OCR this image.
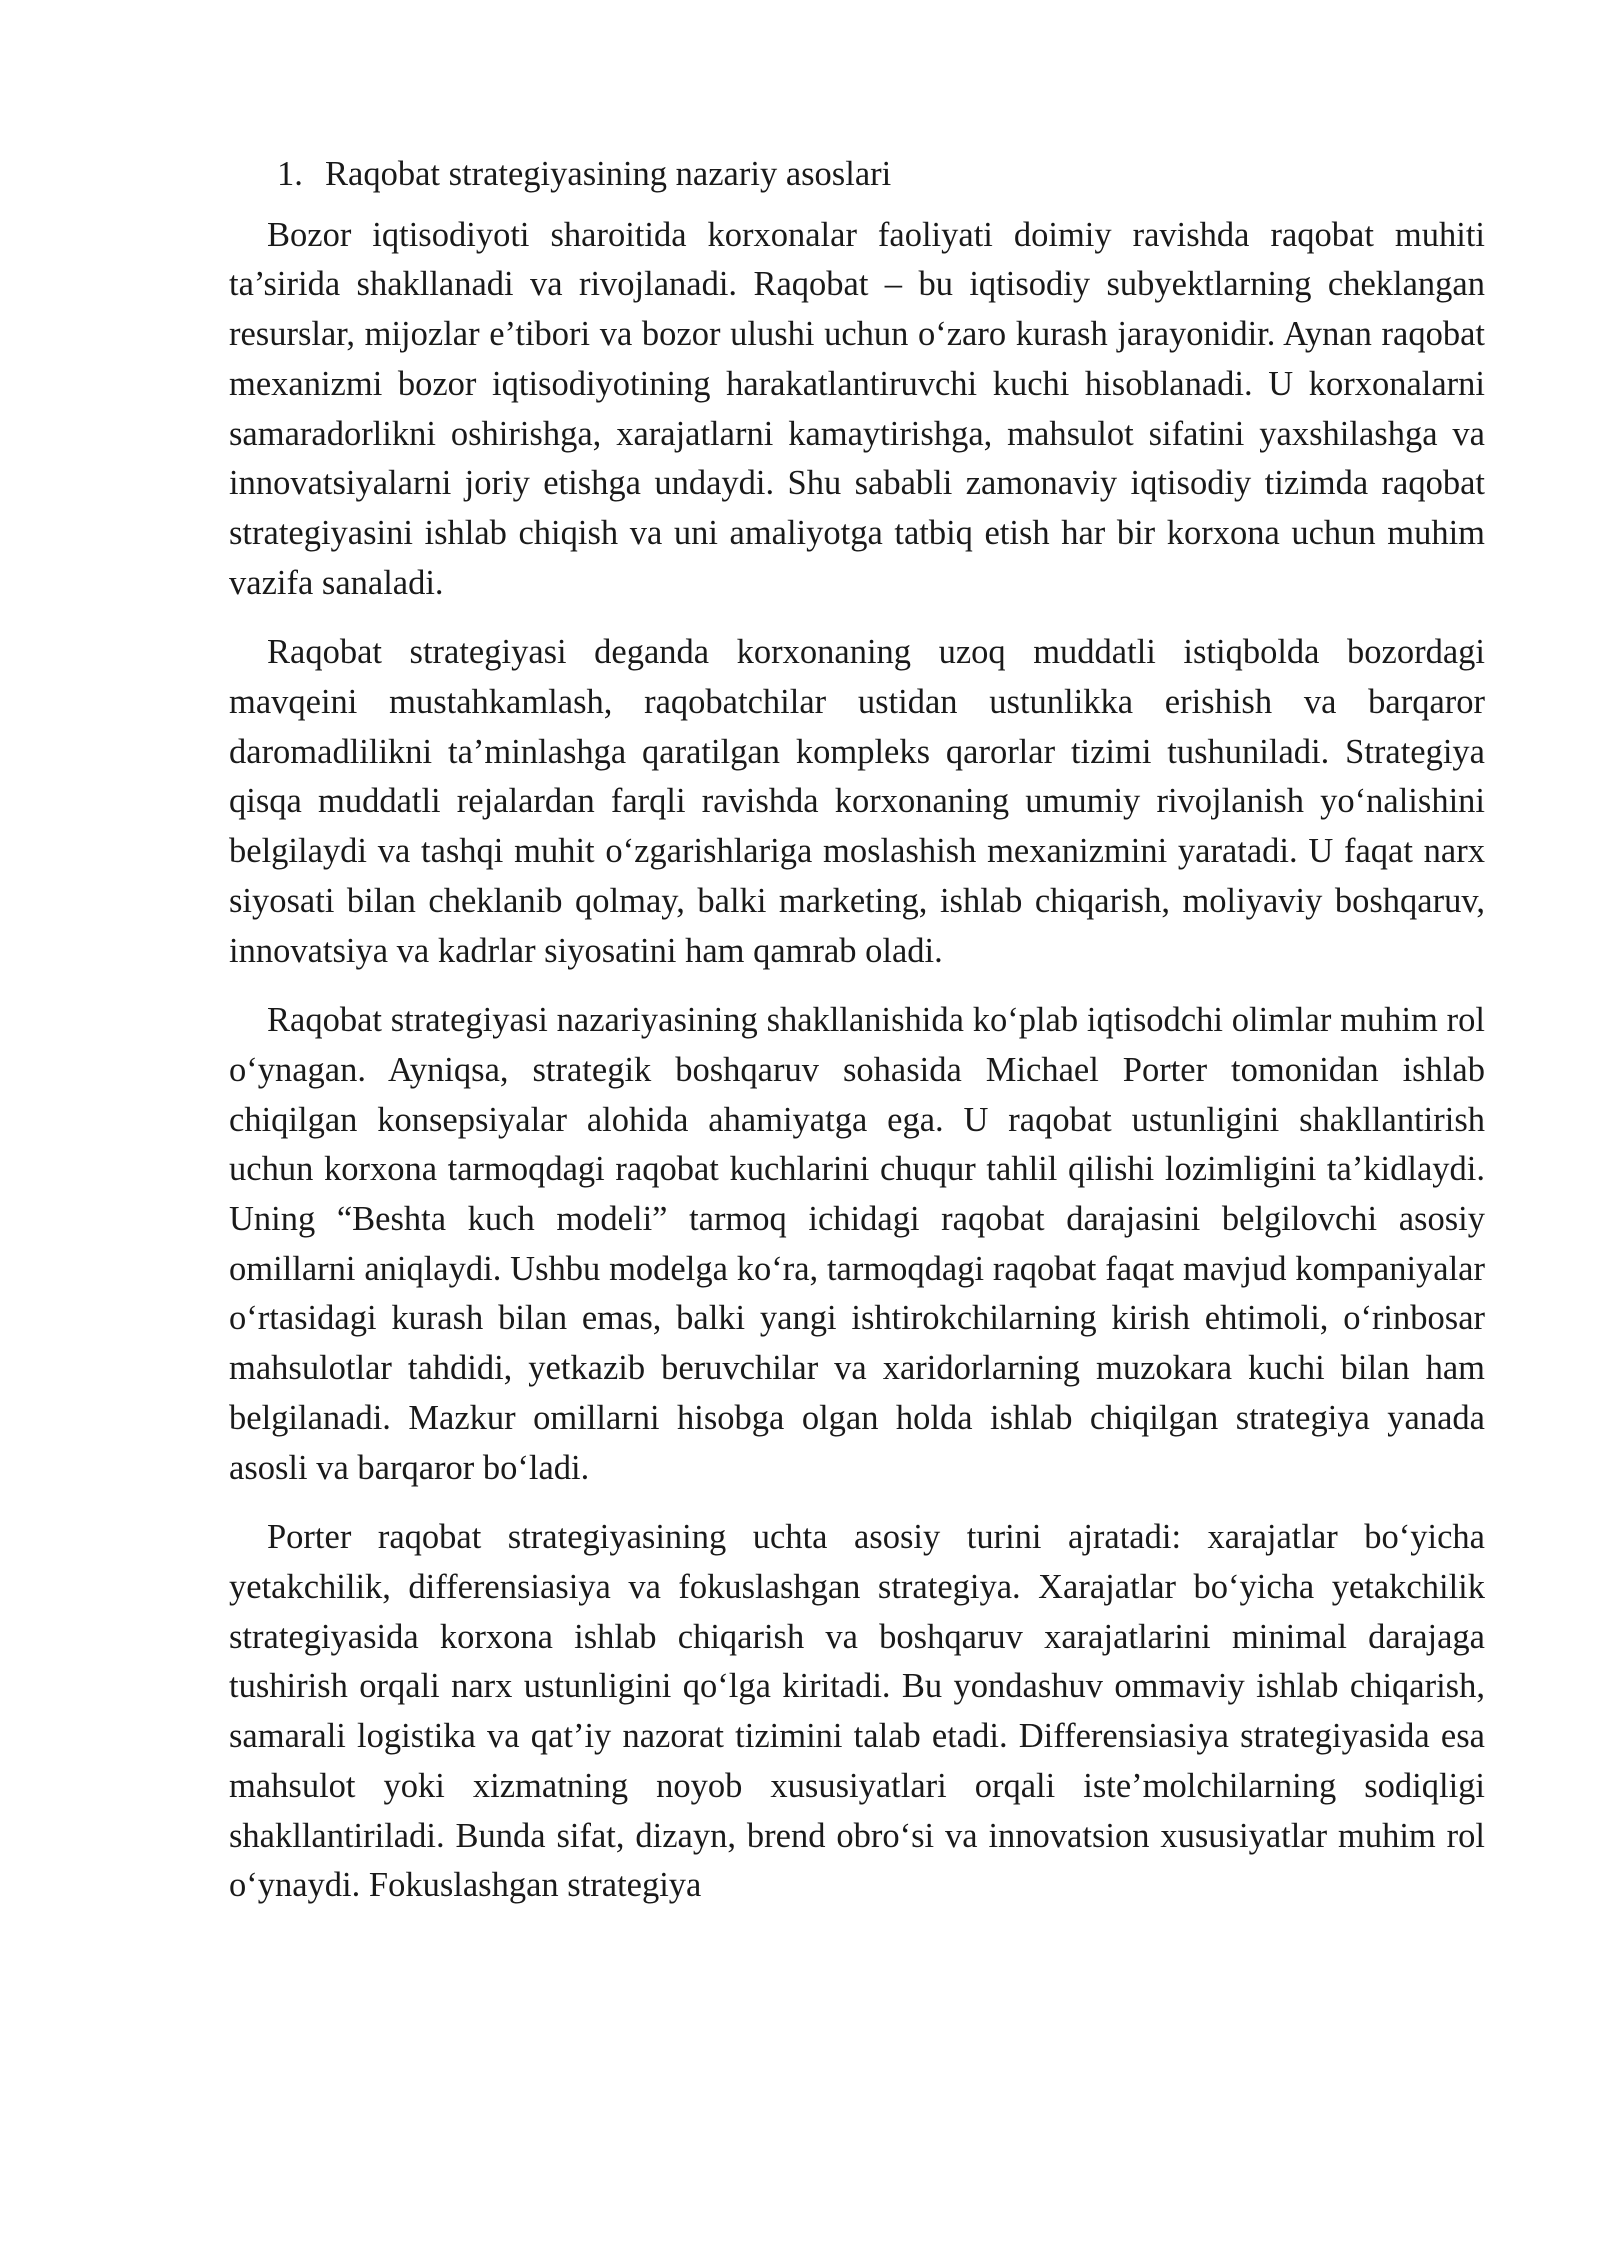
1. Raqobat strategiyasining nazariy asoslari

Bozor iqtisodiyoti sharoitida korxonalar faoliyati doimiy ravishda raqobat muhiti ta’sirida shakllanadi va rivojlanadi. Raqobat – bu iqtisodiy subyektlarning cheklangan resurslar, mijozlar e’tibori va bozor ulushi uchun o‘zaro kurash jarayonidir. Aynan raqobat mexanizmi bozor iqtisodiyotining harakatlantiruvchi kuchi hisoblanadi. U korxonalarni samaradorlikni oshirishga, xarajatlarni kamaytirishga, mahsulot sifatini yaxshilashga va innovatsiyalarni joriy etishga undaydi. Shu sababli zamonaviy iqtisodiy tizimda raqobat strategiyasini ishlab chiqish va uni amaliyotga tatbiq etish har bir korxona uchun muhim vazifa sanaladi.

Raqobat strategiyasi deganda korxonaning uzoq muddatli istiqbolda bozordagi mavqeini mustahkamlash, raqobatchilar ustidan ustunlikka erishish va barqaror daromadlilikni ta’minlashga qaratilgan kompleks qarorlar tizimi tushuniladi. Strategiya qisqa muddatli rejalardan farqli ravishda korxonaning umumiy rivojlanish yo‘nalishini belgilaydi va tashqi muhit o‘zgarishlariga moslashish mexanizmini yaratadi. U faqat narx siyosati bilan cheklanib qolmay, balki marketing, ishlab chiqarish, moliyaviy boshqaruv, innovatsiya va kadrlar siyosatini ham qamrab oladi.

Raqobat strategiyasi nazariyasining shakllanishida ko‘plab iqtisodchi olimlar muhim rol o‘ynagan. Ayniqsa, strategik boshqaruv sohasida Michael Porter tomonidan ishlab chiqilgan konsepsiyalar alohida ahamiyatga ega. U raqobat ustunligini shakllantirish uchun korxona tarmoqdagi raqobat kuchlarini chuqur tahlil qilishi lozimligini ta’kidlaydi. Uning “Beshta kuch modeli” tarmoq ichidagi raqobat darajasini belgilovchi asosiy omillarni aniqlaydi. Ushbu modelga ko‘ra, tarmoqdagi raqobat faqat mavjud kompaniyalar o‘rtasidagi kurash bilan emas, balki yangi ishtirokchilarning kirish ehtimoli, o‘rinbosar mahsulotlar tahdidi, yetkazib beruvchilar va xaridorlarning muzokara kuchi bilan ham belgilanadi. Mazkur omillarni hisobga olgan holda ishlab chiqilgan strategiya yanada asosli va barqaror bo‘ladi.

Porter raqobat strategiyasining uchta asosiy turini ajratadi: xarajatlar bo‘yicha yetakchilik, differensiasiya va fokuslashgan strategiya. Xarajatlar bo‘yicha yetakchilik strategiyasida korxona ishlab chiqarish va boshqaruv xarajatlarini minimal darajaga tushirish orqali narx ustunligini qo‘lga kiritadi. Bu yondashuv ommaviy ishlab chiqarish, samarali logistika va qat’iy nazorat tizimini talab etadi. Differensiasiya strategiyasida esa mahsulot yoki xizmatning noyob xususiyatlari orqali iste’molchilarning sodiqligi shakllantiriladi. Bunda sifat, dizayn, brend obro‘si va innovatsion xususiyatlar muhim rol o‘ynaydi. Fokuslashgan strategiya
